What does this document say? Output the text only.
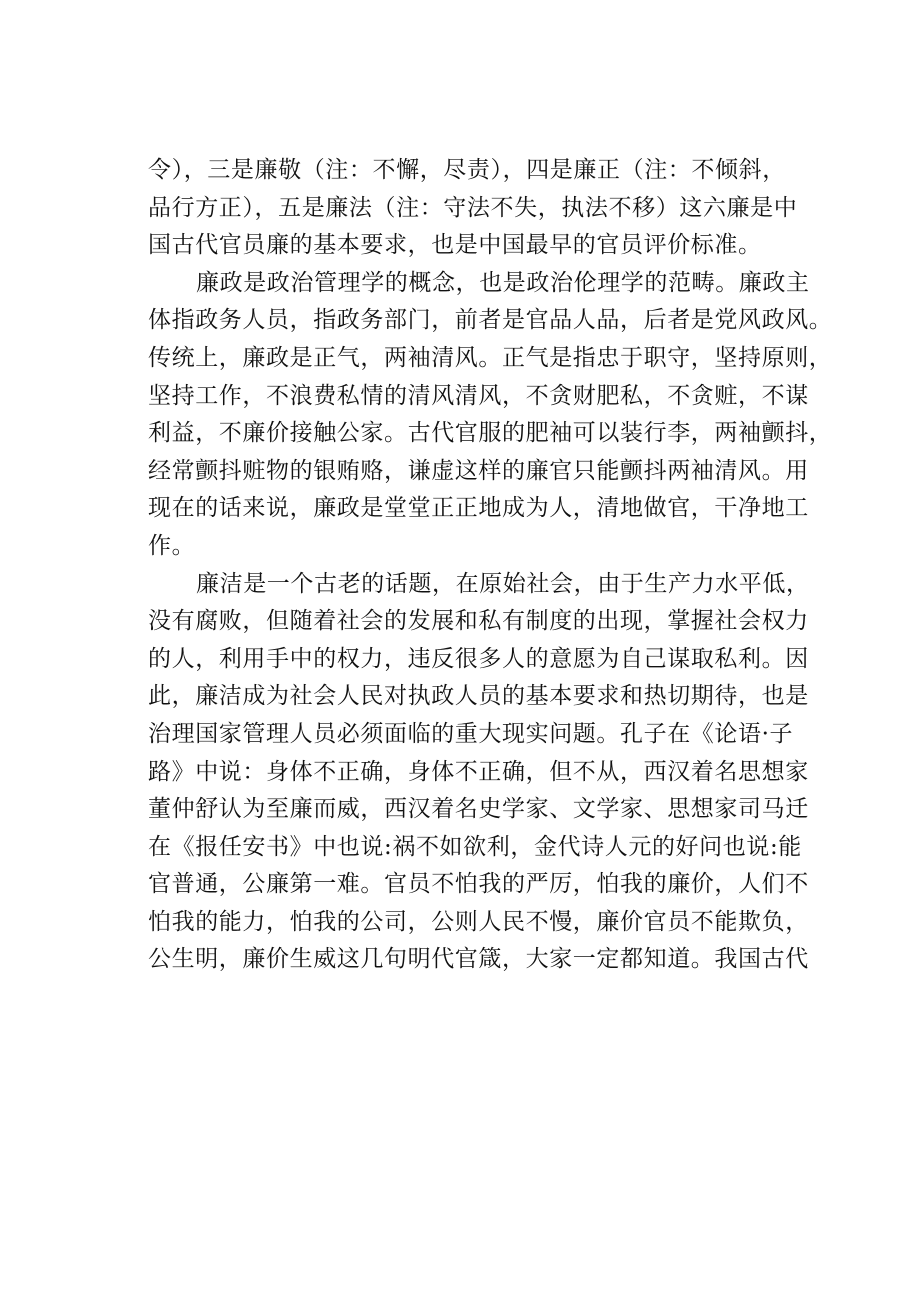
令），三是廉敬（注：不懈，尽责），四是廉正（注：不倾斜，
品行方正），五是廉法（注：守法不失，执法不移）这六廉是中
国古代官员廉的基本要求，也是中国最早的官员评价标准。
廉政是政治管理学的概念，也是政治伦理学的范畴。廉政主
体指政务人员，指政务部门，前者是官品人品，后者是党风政风。
传统上，廉政是正气，两袖清风。正气是指忠于职守，坚持原则，
坚持工作，不浪费私情的清风清风，不贪财肥私，不贪赃，不谋
利益，不廉价接触公家。古代官服的肥袖可以装行李，两袖颤抖，
经常颤抖赃物的银贿赂，谦虚这样的廉官只能颤抖两袖清风。用
现在的话来说，廉政是堂堂正正地成为人，清地做官，干净地工
作。
廉洁是一个古老的话题，在原始社会，由于生产力水平低，
没有腐败，但随着社会的发展和私有制度的出现，掌握社会权力
的人，利用手中的权力，违反很多人的意愿为自己谋取私利。因
此，廉洁成为社会人民对执政人员的基本要求和热切期待，也是
治理国家管理人员必须面临的重大现实问题。孔子在《论语·子
路》中说：身体不正确，身体不正确，但不从，西汉着名思想家
董仲舒认为至廉而威，西汉着名史学家、文学家、思想家司马迁
在《报任安书》中也说:祸不如欲利，金代诗人元的好问也说:能
官普通，公廉第一难。官员不怕我的严厉，怕我的廉价，人们不
怕我的能力，怕我的公司，公则人民不慢，廉价官员不能欺负，
公生明，廉价生威这几句明代官箴，大家一定都知道。我国古代
